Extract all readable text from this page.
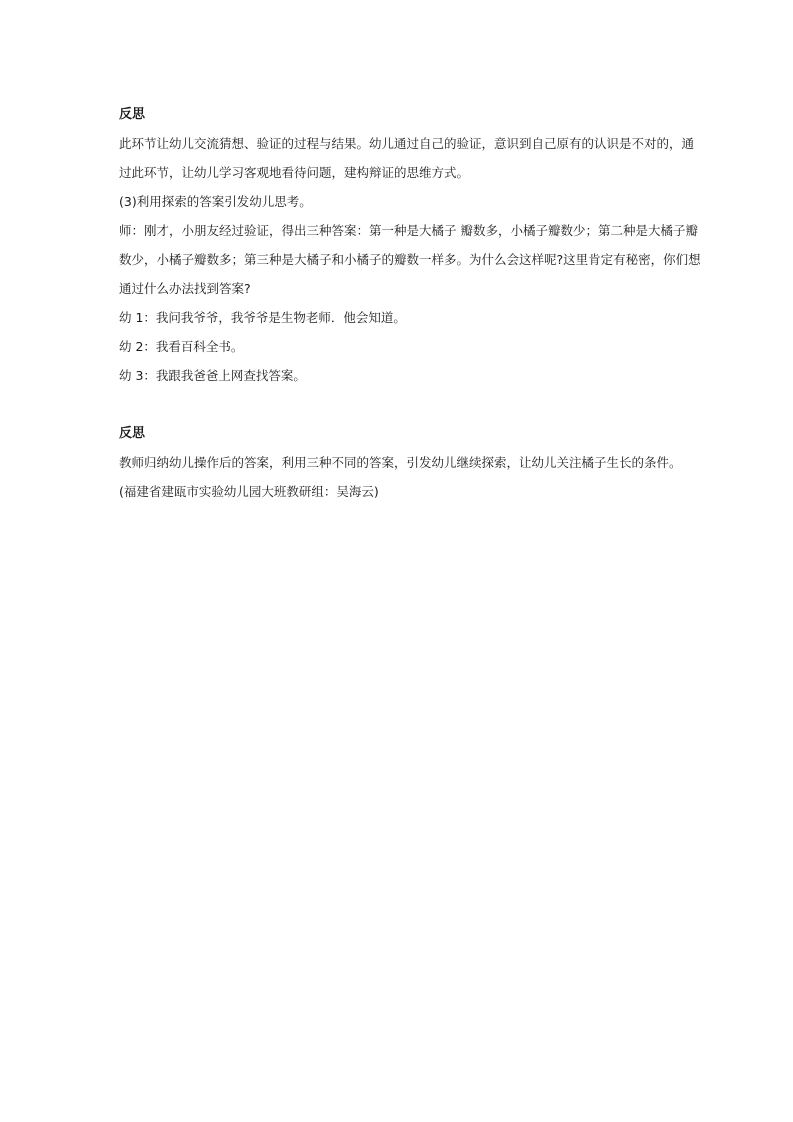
反思
此环节让幼儿交流猜想、验证的过程与结果。幼儿通过自己的验证，意识到自己原有的认识是不对的，通
过此环节，让幼儿学习客观地看待问题，建构辩证的思维方式。
(3)利用探索的答案引发幼儿思考。
师：刚才，小朋友经过验证，得出三种答案：第一种是大橘子 瓣数多，小橘子瓣数少；第二种是大橘子瓣
数少，小橘子瓣数多；第三种是大橘子和小橘子的瓣数一样多。为什么会这样呢?这里肯定有秘密，你们想
通过什么办法找到答案?
幼 1：我问我爷爷，我爷爷是生物老师．他会知道。
幼 2：我看百科全书。
幼 3：我跟我爸爸上网查找答案。
反思
教师归纳幼儿操作后的答案，利用三种不同的答案，引发幼儿继续探索，让幼儿关注橘子生长的条件。
(福建省建瓯市实验幼儿园大班教研组：吴海云)
